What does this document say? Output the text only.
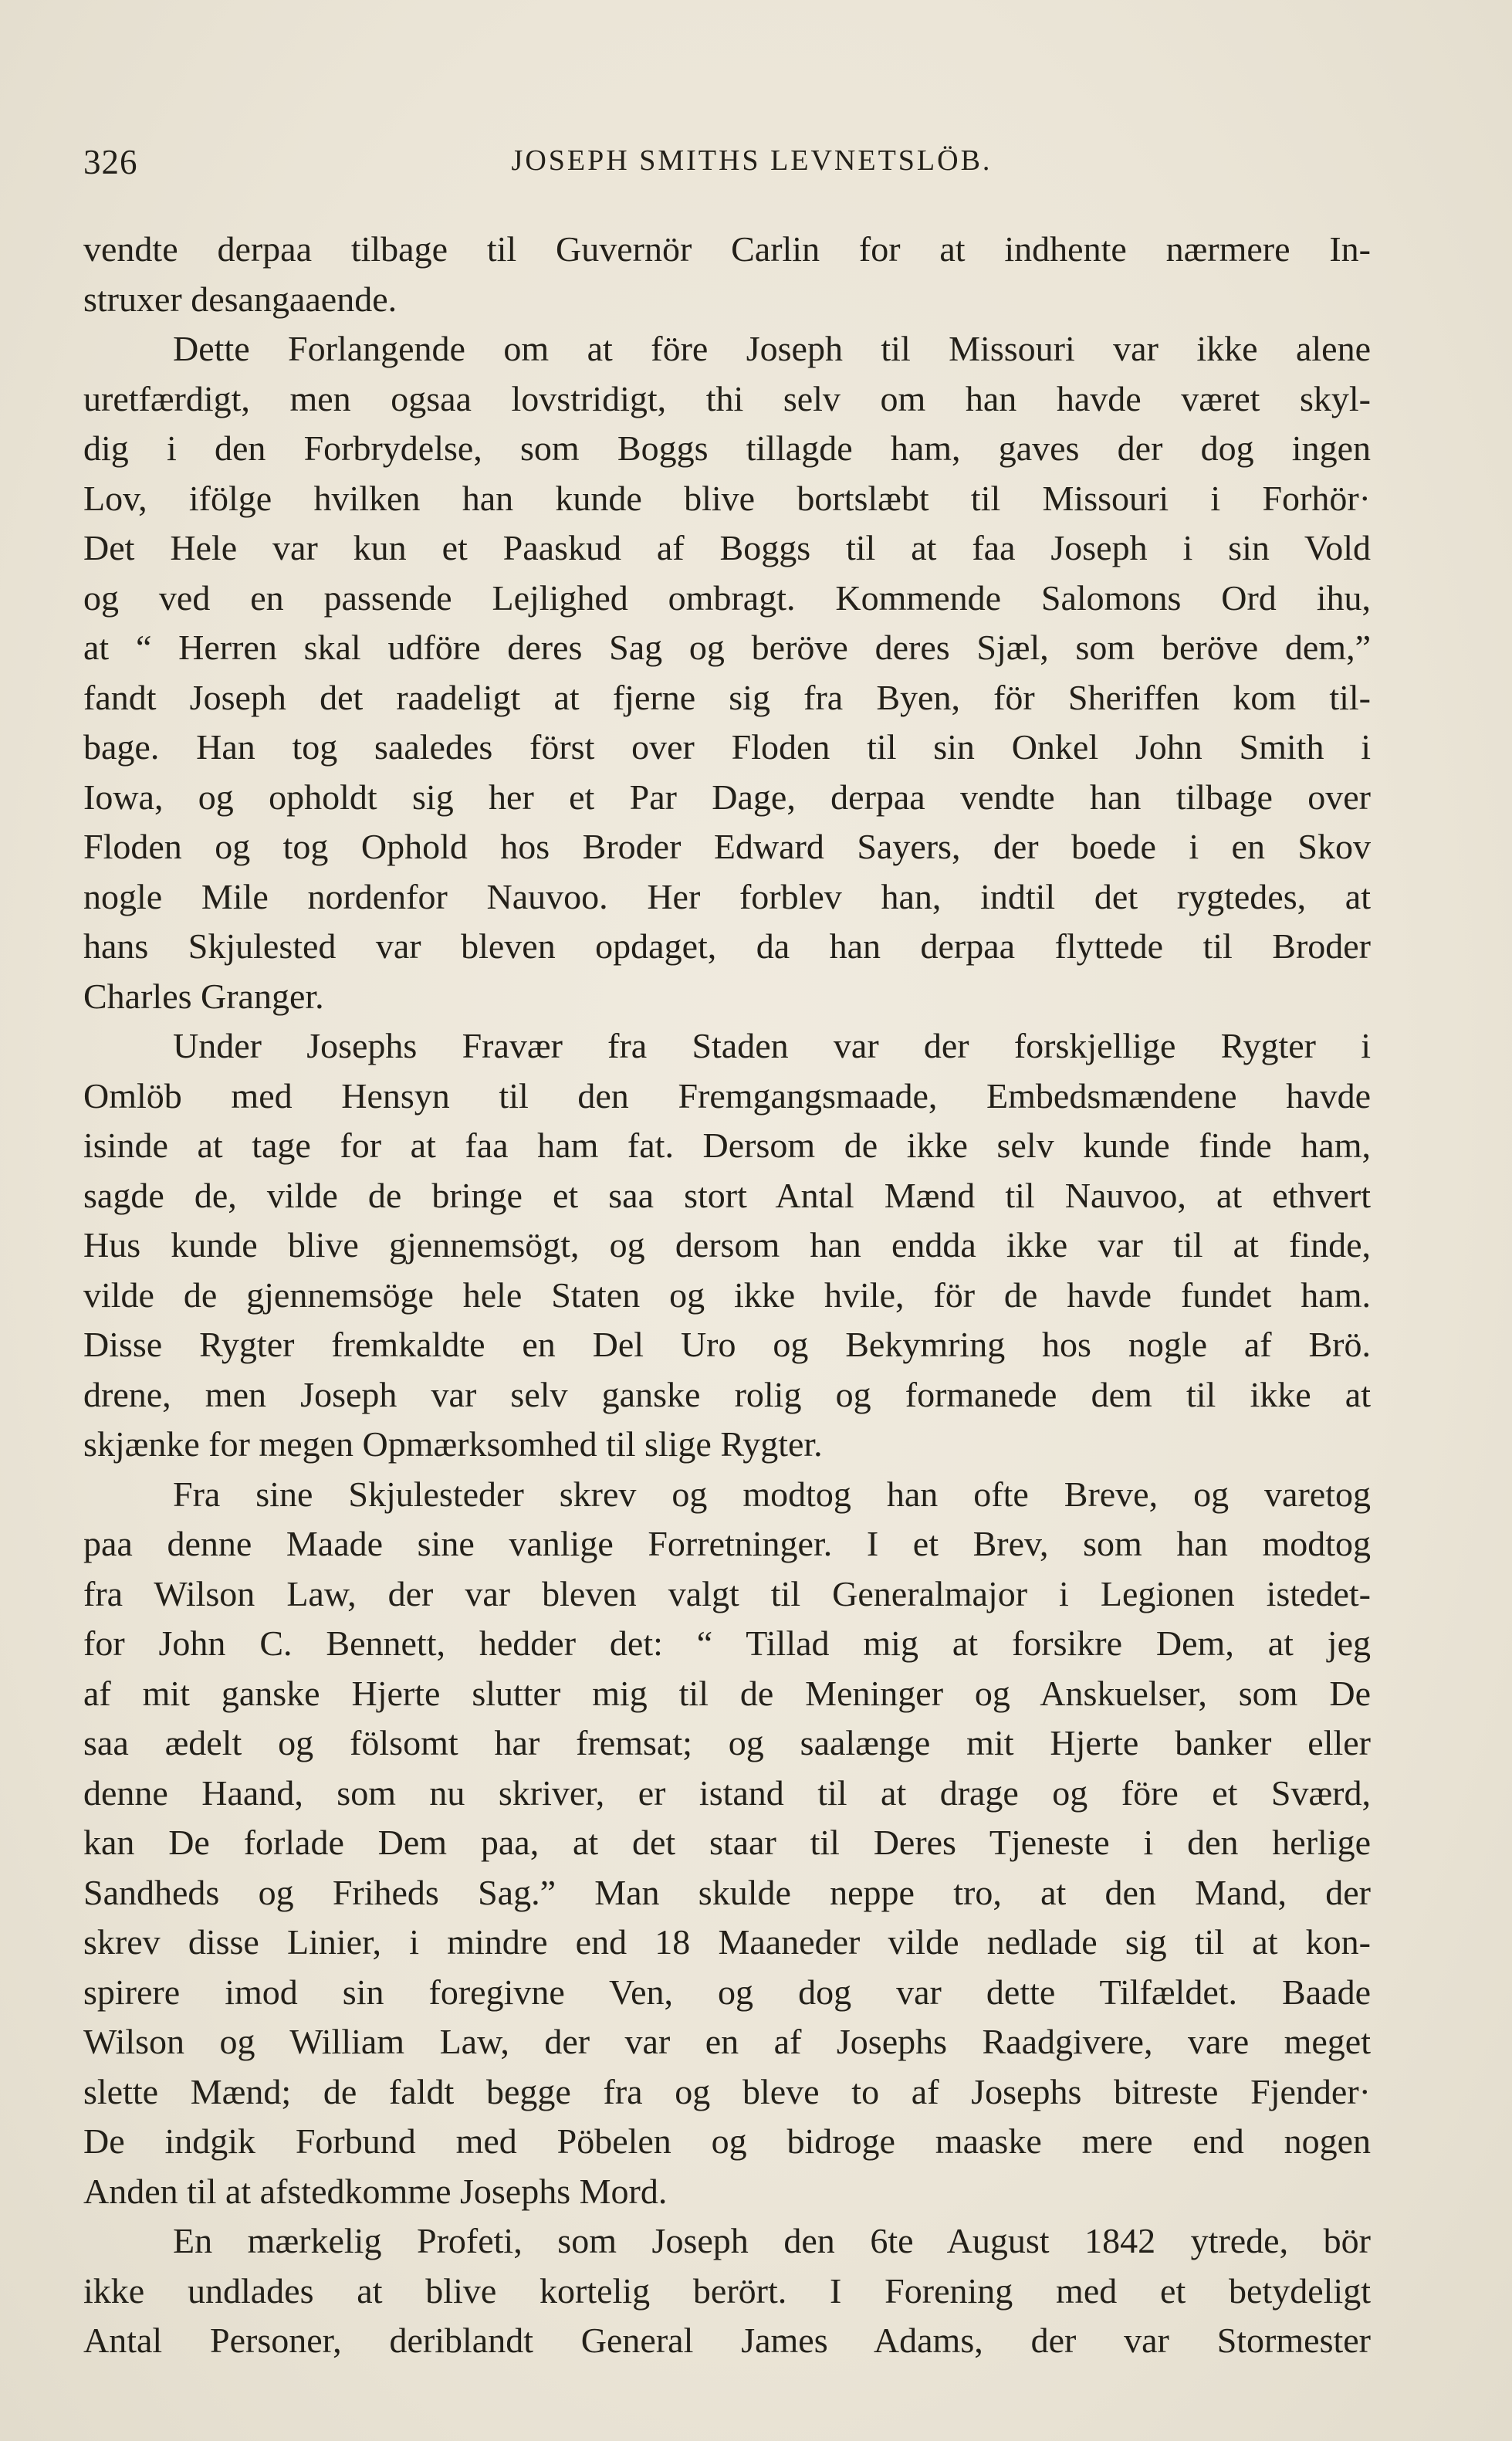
326	JOSEPH SMITHS LEVNETSLÖB.
vendte derpaa tilbage til Guvernör Carlin for at indhente nærmere In-
struxer desangaaende.
Dette Forlangende om at före Joseph til Missouri var ikke alene
uretfærdigt, men ogsaa lovstridigt, thi selv om han havde været skyl-
dig i den Forbrydelse, som Boggs tillagde ham, gaves der dog ingen
Lov, ifölge hvilken han kunde blive bortslæbt til Missouri i Forhör·
Det Hele var kun et Paaskud af Boggs til at faa Joseph i sin Vold
og ved en passende Lejlighed ombragt. Kommende Salomons Ord ihu,
at “ Herren skal udföre deres Sag og beröve deres Sjæl, som beröve dem,”
fandt Joseph det raadeligt at fjerne sig fra Byen, för Sheriffen kom til-
bage. Han tog saaledes först over Floden til sin Onkel John Smith i
Iowa, og opholdt sig her et Par Dage, derpaa vendte han tilbage over
Floden og tog Ophold hos Broder Edward Sayers, der boede i en Skov
nogle Mile nordenfor Nauvoo. Her forblev han, indtil det rygtedes, at
hans Skjulested var bleven opdaget, da han derpaa flyttede til Broder
Charles Granger.
Under Josephs Fravær fra Staden var der forskjellige Rygter i
Omlöb med Hensyn til den Fremgangsmaade, Embedsmændene havde
isinde at tage for at faa ham fat. Dersom de ikke selv kunde finde ham,
sagde de, vilde de bringe et saa stort Antal Mænd til Nauvoo, at ethvert
Hus kunde blive gjennemsögt, og dersom han endda ikke var til at finde,
vilde de gjennemsöge hele Staten og ikke hvile, för de havde fundet ham.
Disse Rygter fremkaldte en Del Uro og Bekymring hos nogle af Brö.
drene, men Joseph var selv ganske rolig og formanede dem til ikke at
skjænke for megen Opmærksomhed til slige Rygter.
Fra sine Skjulesteder skrev og modtog han ofte Breve, og varetog
paa denne Maade sine vanlige Forretninger. I et Brev, som han modtog
fra Wilson Law, der var bleven valgt til Generalmajor i Legionen istedet-
for John C. Bennett, hedder det: “ Tillad mig at forsikre Dem, at jeg
af mit ganske Hjerte slutter mig til de Meninger og Anskuelser, som De
saa ædelt og fölsomt har fremsat; og saalænge mit Hjerte banker eller
denne Haand, som nu skriver, er istand til at drage og före et Sværd,
kan De forlade Dem paa, at det staar til Deres Tjeneste i den herlige
Sandheds og Friheds Sag.” Man skulde neppe tro, at den Mand, der
skrev disse Linier, i mindre end 18 Maaneder vilde nedlade sig til at kon-
spirere imod sin foregivne Ven, og dog var dette Tilfældet. Baade
Wilson og William Law, der var en af Josephs Raadgivere, vare meget
slette Mænd; de faldt begge fra og bleve to af Josephs bitreste Fjender·
De indgik Forbund med Pöbelen og bidroge maaske mere end nogen
Anden til at afstedkomme Josephs Mord.
En mærkelig Profeti, som Joseph den 6te August 1842 ytrede, bör
ikke undlades at blive kortelig berört. I Forening med et betydeligt
Antal Personer, deriblandt General James Adams, der var Stormester
